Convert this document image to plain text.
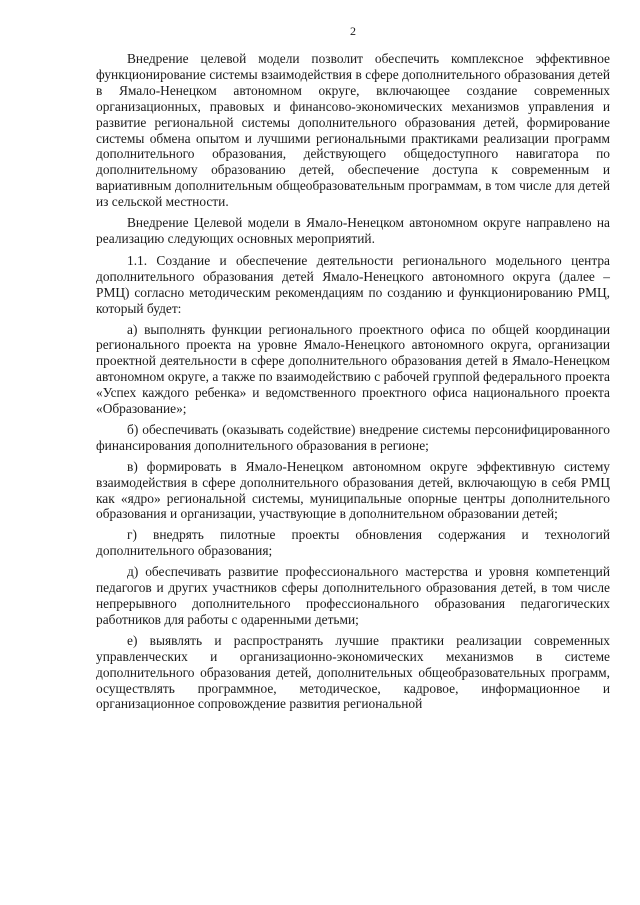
2

Внедрение целевой модели позволит обеспечить комплексное эффективное функционирование системы взаимодействия в сфере дополнительного образования детей в Ямало-Ненецком автономном округе, включающее создание современных организационных, правовых и финансово-экономических механизмов управления и развитие региональной системы дополнительного образования детей, формирование системы обмена опытом и лучшими региональными практиками реализации программ дополнительного образования, действующего общедоступного навигатора по дополнительному образованию детей, обеспечение доступа к современным и вариативным дополнительным общеобразовательным программам, в том числе для детей из сельской местности.

Внедрение Целевой модели в Ямало-Ненецком автономном округе направлено на реализацию следующих основных мероприятий.

1.1. Создание и обеспечение деятельности регионального модельного центра дополнительного образования детей Ямало-Ненецкого автономного округа (далее – РМЦ) согласно методическим рекомендациям по созданию и функционированию РМЦ, который будет:

а) выполнять функции регионального проектного офиса по общей координации регионального проекта на уровне Ямало-Ненецкого автономного округа, организации проектной деятельности в сфере дополнительного образования детей в Ямало-Ненецком автономном округе, а также по взаимодействию с рабочей группой федерального проекта «Успех каждого ребенка» и ведомственного проектного офиса национального проекта «Образование»;

б) обеспечивать (оказывать содействие) внедрение системы персонифицированного финансирования дополнительного образования в регионе;

в) формировать в Ямало-Ненецком автономном округе эффективную систему взаимодействия в сфере дополнительного образования детей, включающую в себя РМЦ как «ядро» региональной системы, муниципальные опорные центры дополнительного образования и организации, участвующие в дополнительном образовании детей;

г) внедрять пилотные проекты обновления содержания и технологий дополнительного образования;

д) обеспечивать развитие профессионального мастерства и уровня компетенций педагогов и других участников сферы дополнительного образования детей, в том числе непрерывного дополнительного профессионального образования педагогических работников для работы с одаренными детьми;

е) выявлять и распространять лучшие практики реализации современных управленческих и организационно-экономических механизмов в системе дополнительного образования детей, дополнительных общеобразовательных программ, осуществлять программное, методическое, кадровое, информационное и организационное сопровождение развития региональной
